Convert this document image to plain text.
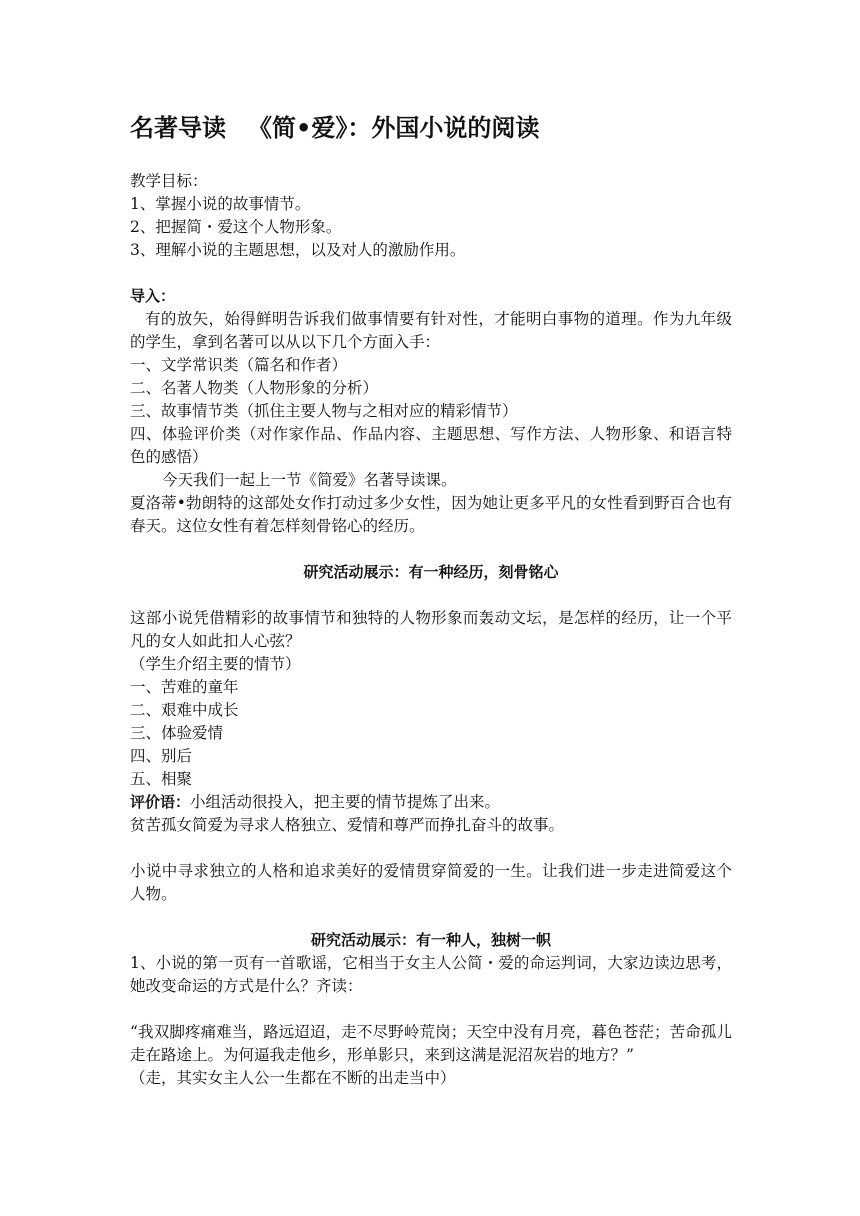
名著导读 《简•爱》：外国小说的阅读
教学目标：
1、掌握小说的故事情节。
2、把握简・爱这个人物形象。
3、理解小说的主题思想，以及对人的激励作用。
导入：
有的放矢，始得鲜明告诉我们做事情要有针对性，才能明白事物的道理。作为九年级的学生，拿到名著可以从以下几个方面入手：
一、文学常识类（篇名和作者）
二、名著人物类（人物形象的分析）
三、故事情节类（抓住主要人物与之相对应的精彩情节）
四、体验评价类（对作家作品、作品内容、主题思想、写作方法、人物形象、和语言特色的感悟）
今天我们一起上一节《简爱》名著导读课。
夏洛蒂•勃朗特的这部处女作打动过多少女性，因为她让更多平凡的女性看到野百合也有春天。这位女性有着怎样刻骨铭心的经历。
研究活动展示：有一种经历，刻骨铭心
这部小说凭借精彩的故事情节和独特的人物形象而轰动文坛，是怎样的经历，让一个平凡的女人如此扣人心弦？
（学生介绍主要的情节）
一、苦难的童年
二、艰难中成长
三、体验爱情
四、别后
五、相聚
评价语：小组活动很投入，把主要的情节提炼了出来。
贫苦孤女简爱为寻求人格独立、爱情和尊严而挣扎奋斗的故事。
小说中寻求独立的人格和追求美好的爱情贯穿简爱的一生。让我们进一步走进简爱这个人物。
研究活动展示：有一种人，独树一帜
1、小说的第一页有一首歌谣，它相当于女主人公简・爱的命运判词，大家边读边思考，她改变命运的方式是什么？齐读：
“我双脚疼痛难当，路远迢迢，走不尽野岭荒岗；天空中没有月亮，暮色苍茫；苦命孤儿走在路途上。为何逼我走他乡，形单影只，来到这满是泥沼灰岩的地方？”
（走，其实女主人公一生都在不断的出走当中）
